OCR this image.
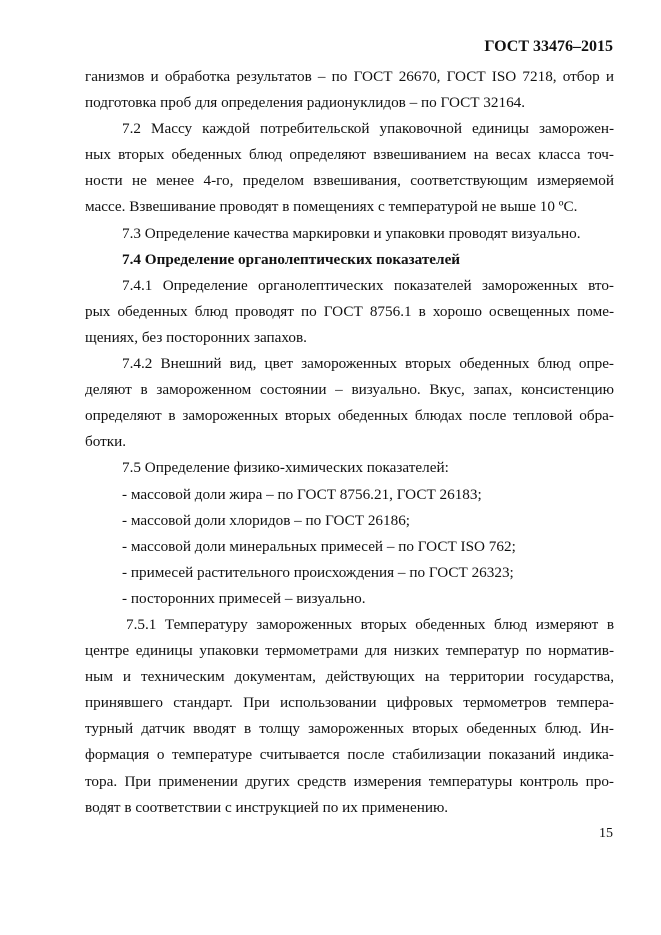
ГОСТ 33476–2015
ганизмов и обработка результатов – по ГОСТ 26670, ГОСТ ISO 7218, отбор и
подготовка проб для определения радионуклидов – по ГОСТ 32164.
7.2 Массу каждой потребительской упаковочной единицы заморожен-
ных вторых обеденных блюд определяют взвешиванием на весах класса точ-
ности не менее 4-го, пределом взвешивания, соответствующим измеряемой
массе. Взвешивание проводят в помещениях с температурой не выше 10 ºС.
7.3 Определение качества маркировки и упаковки проводят визуально.
7.4 Определение органолептических показателей
7.4.1 Определение органолептических показателей замороженных вто-
рых обеденных блюд проводят по ГОСТ 8756.1 в хорошо освещенных поме-
щениях, без посторонних запахов.
7.4.2 Внешний вид, цвет замороженных вторых обеденных блюд опре-
деляют в замороженном состоянии – визуально. Вкус, запах, консистенцию
определяют в замороженных вторых обеденных блюдах после тепловой обра-
ботки.
7.5 Определение физико-химических показателей:
- массовой доли жира – по ГОСТ 8756.21, ГОСТ 26183;
- массовой доли хлоридов – по ГОСТ 26186;
- массовой доли минеральных примесей – по ГОСТ ISO 762;
- примесей растительного происхождения – по ГОСТ 26323;
- посторонних примесей – визуально.
7.5.1 Температуру замороженных вторых обеденных блюд измеряют в
центре единицы упаковки термометрами для низких температур по норматив-
ным и техническим документам, действующих на территории государства,
принявшего стандарт. При использовании цифровых термометров темпера-
турный датчик вводят в толщу замороженных вторых обеденных блюд. Ин-
формация о температуре считывается после стабилизации показаний индика-
тора. При применении других средств измерения температуры контроль про-
водят в соответствии с инструкцией по их применению.
15
